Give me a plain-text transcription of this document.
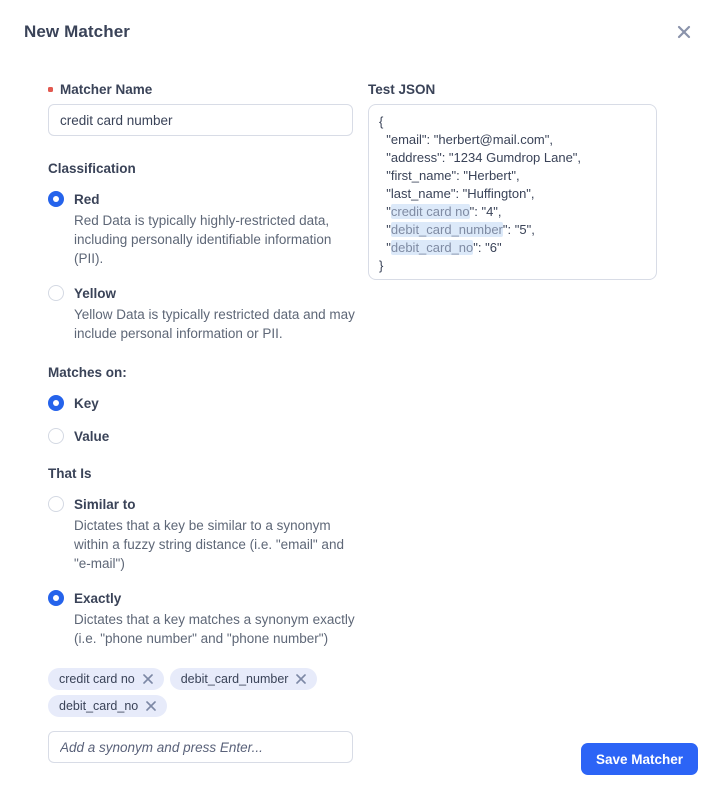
New Matcher
Matcher Name
credit card number
Classification
Red
Red Data is typically highly-restricted data, including personally identifiable information (PII).
Yellow
Yellow Data is typically restricted data and may include personal information or PII.
Matches on:
Key
Value
That Is
Similar to
Dictates that a key be similar to a synonym within a fuzzy string distance (i.e. "email" and "e-mail")
Exactly
Dictates that a key matches a synonym exactly (i.e. "phone number" and "phone number")
credit card no	debit_card_number
debit_card_no
Add a synonym and press Enter...
Test JSON
{
"email": "herbert@mail.com",
"address": "1234 Gumdrop Lane",
"first_name": "Herbert",
"last_name": "Huffington",
"credit card no": "4",
"debit_card_number": "5",
"debit_card_no": "6"
}
Save Matcher
